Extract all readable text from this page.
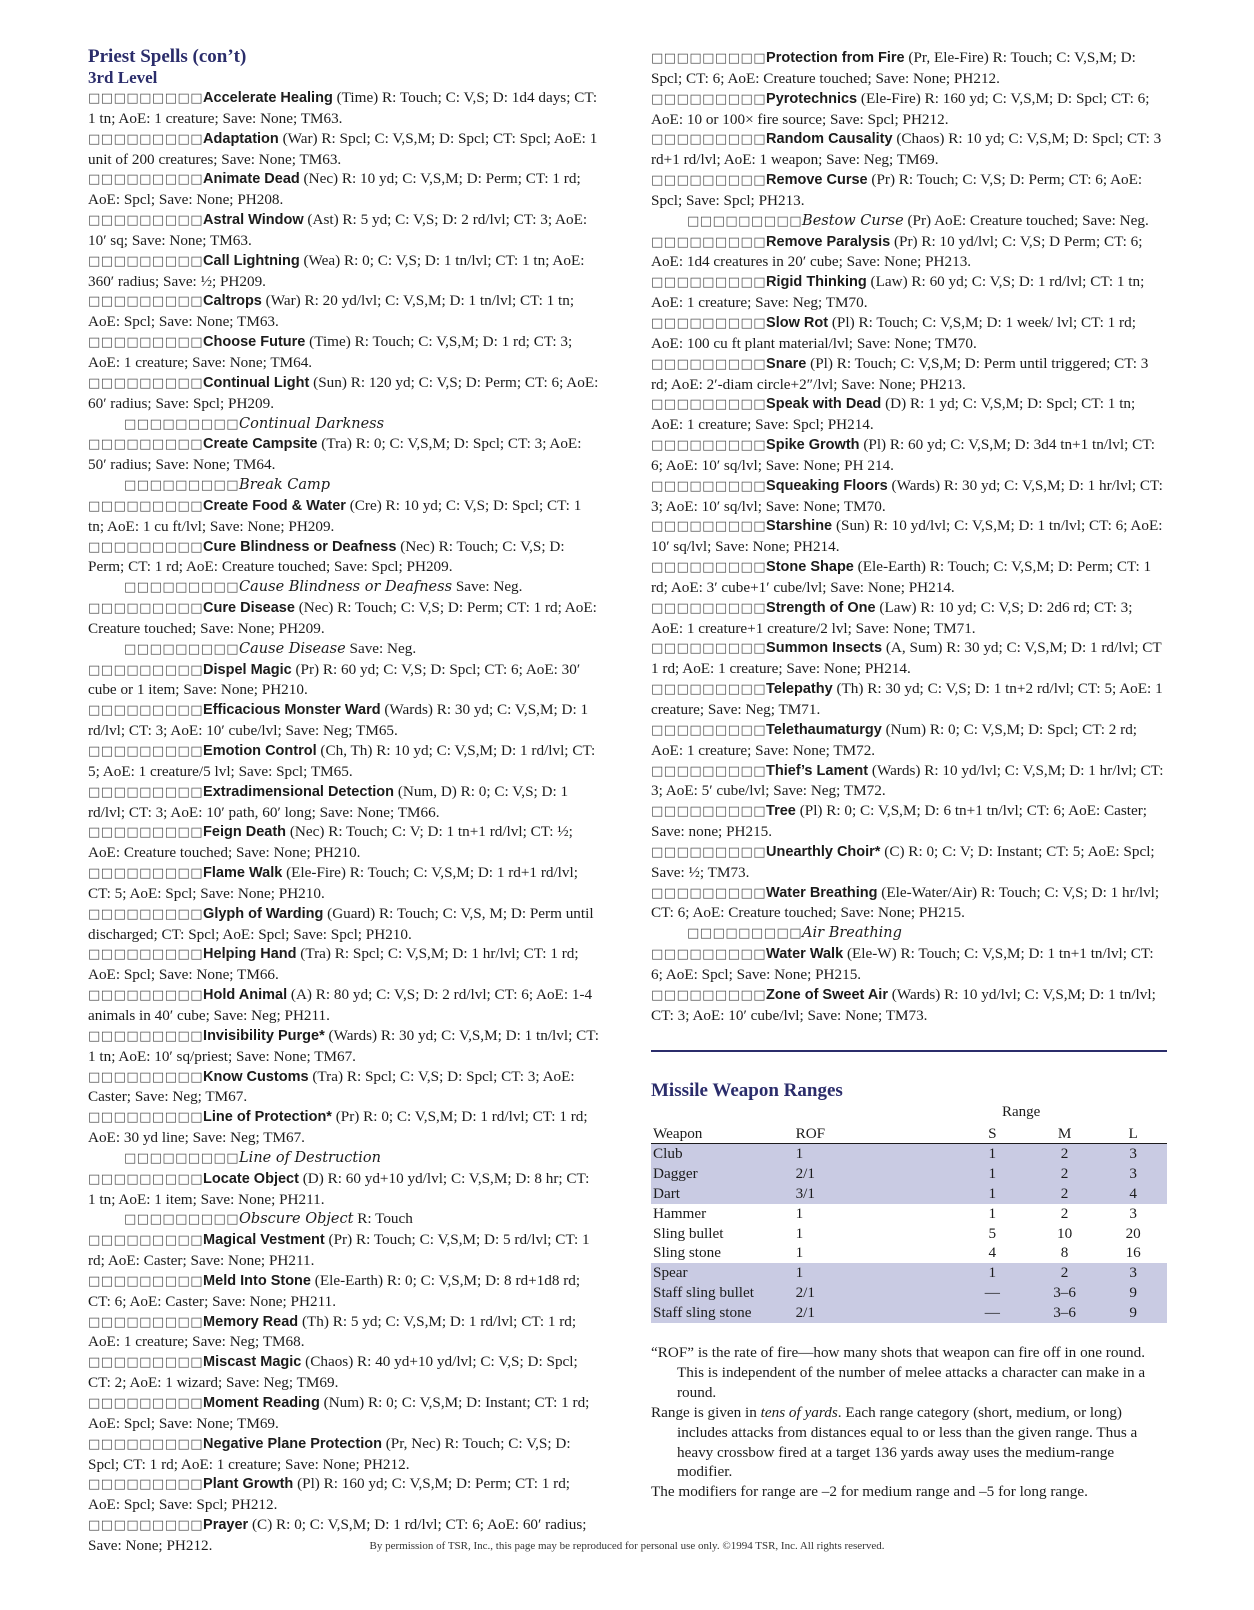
Priest Spells (con’t)
3rd Level

□□□□□□□□□Accelerate Healing (Time) R: Touch; C: V,S; D: 1d4 days; CT: 1 tn; AoE: 1 creature; Save: None; TM63.

□□□□□□□□□Adaptation (War) R: Spcl; C: V,S,M; D: Spcl; CT: Spcl; AoE: 1 unit of 200 creatures; Save: None; TM63.

□□□□□□□□□Animate Dead (Nec) R: 10 yd; C: V,S,M; D: Perm; CT: 1 rd; AoE: Spcl; Save: None; PH208.

□□□□□□□□□Astral Window (Ast) R: 5 yd; C: V,S; D: 2 rd/lvl; CT: 3; AoE: 10′ sq; Save: None; TM63.

□□□□□□□□□Call Lightning (Wea) R: 0; C: V,S; D: 1 tn/lvl; CT: 1 tn; AoE: 360′ radius; Save: ½; PH209.

□□□□□□□□□Caltrops (War) R: 20 yd/lvl; C: V,S,M; D: 1 tn/lvl; CT: 1 tn; AoE: Spcl; Save: None; TM63.

□□□□□□□□□Choose Future (Time) R: Touch; C: V,S,M; D: 1 rd; CT: 3; AoE: 1 creature; Save: None; TM64.

□□□□□□□□□Continual Light (Sun) R: 120 yd; C: V,S; D: Perm; CT: 6; AoE: 60′ radius; Save: Spcl; PH209.

□□□□□□□□□Continual Darkness

□□□□□□□□□Create Campsite (Tra) R: 0; C: V,S,M; D: Spcl; CT: 3; AoE: 50′ radius; Save: None; TM64.

□□□□□□□□□Break Camp

□□□□□□□□□Create Food & Water (Cre) R: 10 yd; C: V,S; D: Spcl; CT: 1 tn; AoE: 1 cu ft/lvl; Save: None; PH209.

□□□□□□□□□Cure Blindness or Deafness (Nec) R: Touch; C: V,S; D: Perm; CT: 1 rd; AoE: Creature touched; Save: Spcl; PH209.

□□□□□□□□□Cause Blindness or Deafness Save: Neg.

□□□□□□□□□Cure Disease (Nec) R: Touch; C: V,S; D: Perm; CT: 1 rd; AoE: Creature touched; Save: None; PH209.

□□□□□□□□□Cause Disease Save: Neg.

□□□□□□□□□Dispel Magic (Pr) R: 60 yd; C: V,S; D: Spcl; CT: 6; AoE: 30′ cube or 1 item; Save: None; PH210.

□□□□□□□□□Efficacious Monster Ward (Wards) R: 30 yd; C: V,S,M; D: 1 rd/lvl; CT: 3; AoE: 10′ cube/lvl; Save: Neg; TM65.

□□□□□□□□□Emotion Control (Ch, Th) R: 10 yd; C: V,S,M; D: 1 rd/lvl; CT: 5; AoE: 1 creature/5 lvl; Save: Spcl; TM65.

□□□□□□□□□Extradimensional Detection (Num, D) R: 0; C: V,S; D: 1 rd/lvl; CT: 3; AoE: 10′ path, 60′ long; Save: None; TM66.

□□□□□□□□□Feign Death (Nec) R: Touch; C: V; D: 1 tn+1 rd/lvl; CT: ½; AoE: Creature touched; Save: None; PH210.

□□□□□□□□□Flame Walk (Ele-Fire) R: Touch; C: V,S,M; D: 1 rd+1 rd/lvl; CT: 5; AoE: Spcl; Save: None; PH210.

□□□□□□□□□Glyph of Warding (Guard) R: Touch; C: V,S, M; D: Perm until discharged; CT: Spcl; AoE: Spcl; Save: Spcl; PH210.

□□□□□□□□□Helping Hand (Tra) R: Spcl; C: V,S,M; D: 1 hr/lvl; CT: 1 rd; AoE: Spcl; Save: None; TM66.

□□□□□□□□□Hold Animal (A) R: 80 yd; C: V,S; D: 2 rd/lvl; CT: 6; AoE: 1-4 animals in 40′ cube; Save: Neg; PH211.

□□□□□□□□□Invisibility Purge* (Wards) R: 30 yd; C: V,S,M; D: 1 tn/lvl; CT: 1 tn; AoE: 10′ sq/priest; Save: None; TM67.

□□□□□□□□□Know Customs (Tra) R: Spcl; C: V,S; D: Spcl; CT: 3; AoE: Caster; Save: Neg; TM67.

□□□□□□□□□Line of Protection* (Pr) R: 0; C: V,S,M; D: 1 rd/lvl; CT: 1 rd; AoE: 30 yd line; Save: Neg; TM67.

□□□□□□□□□Line of Destruction

□□□□□□□□□Locate Object (D) R: 60 yd+10 yd/lvl; C: V,S,M; D: 8 hr; CT: 1 tn; AoE: 1 item; Save: None; PH211.

□□□□□□□□□Obscure Object R: Touch

□□□□□□□□□Magical Vestment (Pr) R: Touch; C: V,S,M; D: 5 rd/lvl; CT: 1 rd; AoE: Caster; Save: None; PH211.

□□□□□□□□□Meld Into Stone (Ele-Earth) R: 0; C: V,S,M; D: 8 rd+1d8 rd; CT: 6; AoE: Caster; Save: None; PH211.

□□□□□□□□□Memory Read (Th) R: 5 yd; C: V,S,M; D: 1 rd/lvl; CT: 1 rd; AoE: 1 creature; Save: Neg; TM68.

□□□□□□□□□Miscast Magic (Chaos) R: 40 yd+10 yd/lvl; C: V,S; D: Spcl; CT: 2; AoE: 1 wizard; Save: Neg; TM69.

□□□□□□□□□Moment Reading (Num) R: 0; C: V,S,M; D: Instant; CT: 1 rd; AoE: Spcl; Save: None; TM69.

□□□□□□□□□Negative Plane Protection (Pr, Nec) R: Touch; C: V,S; D: Spcl; CT: 1 rd; AoE: 1 creature; Save: None; PH212.

□□□□□□□□□Plant Growth (Pl) R: 160 yd; C: V,S,M; D: Perm; CT: 1 rd; AoE: Spcl; Save: Spcl; PH212.

□□□□□□□□□Prayer (C) R: 0; C: V,S,M; D: 1 rd/lvl; CT: 6; AoE: 60′ radius; Save: None; PH212.

□□□□□□□□□Protection from Fire (Pr, Ele-Fire) R: Touch; C: V,S,M; D: Spcl; CT: 6; AoE: Creature touched; Save: None; PH212.

□□□□□□□□□Pyrotechnics (Ele-Fire) R: 160 yd; C: V,S,M; D: Spcl; CT: 6; AoE: 10 or 100× fire source; Save: Spcl; PH212.

□□□□□□□□□Random Causality (Chaos) R: 10 yd; C: V,S,M; D: Spcl; CT: 3 rd+1 rd/lvl; AoE: 1 weapon; Save: Neg; TM69.

□□□□□□□□□Remove Curse (Pr) R: Touch; C: V,S; D: Perm; CT: 6; AoE: Spcl; Save: Spcl; PH213.

□□□□□□□□□Bestow Curse (Pr) AoE: Creature touched; Save: Neg.

□□□□□□□□□Remove Paralysis (Pr) R: 10 yd/lvl; C: V,S; D Perm; CT: 6; AoE: 1d4 creatures in 20′ cube; Save: None; PH213.

□□□□□□□□□Rigid Thinking (Law) R: 60 yd; C: V,S; D: 1 rd/lvl; CT: 1 tn; AoE: 1 creature; Save: Neg; TM70.

□□□□□□□□□Slow Rot (Pl) R: Touch; C: V,S,M; D: 1 week/ lvl; CT: 1 rd; AoE: 100 cu ft plant material/lvl; Save: None; TM70.

□□□□□□□□□Snare (Pl) R: Touch; C: V,S,M; D: Perm until triggered; CT: 3 rd; AoE: 2′-diam circle+2″/lvl; Save: None; PH213.

□□□□□□□□□Speak with Dead (D) R: 1 yd; C: V,S,M; D: Spcl; CT: 1 tn; AoE: 1 creature; Save: Spcl; PH214.

□□□□□□□□□Spike Growth (Pl) R: 60 yd; C: V,S,M; D: 3d4 tn+1 tn/lvl; CT: 6; AoE: 10′ sq/lvl; Save: None; PH 214.

□□□□□□□□□Squeaking Floors (Wards) R: 30 yd; C: V,S,M; D: 1 hr/lvl; CT: 3; AoE: 10′ sq/lvl; Save: None; TM70.

□□□□□□□□□Starshine (Sun) R: 10 yd/lvl; C: V,S,M; D: 1 tn/lvl; CT: 6; AoE: 10′ sq/lvl; Save: None; PH214.

□□□□□□□□□Stone Shape (Ele-Earth) R: Touch; C: V,S,M; D: Perm; CT: 1 rd; AoE: 3′ cube+1′ cube/lvl; Save: None; PH214.

□□□□□□□□□Strength of One (Law) R: 10 yd; C: V,S; D: 2d6 rd; CT: 3; AoE: 1 creature+1 creature/2 lvl; Save: None; TM71.

□□□□□□□□□Summon Insects (A, Sum) R: 30 yd; C: V,S,M; D: 1 rd/lvl; CT 1 rd; AoE: 1 creature; Save: None; PH214.

□□□□□□□□□Telepathy (Th) R: 30 yd; C: V,S; D: 1 tn+2 rd/lvl; CT: 5; AoE: 1 creature; Save: Neg; TM71.

□□□□□□□□□Telethaumaturgy (Num) R: 0; C: V,S,M; D: Spcl; CT: 2 rd; AoE: 1 creature; Save: None; TM72.

□□□□□□□□□Thief’s Lament (Wards) R: 10 yd/lvl; C: V,S,M; D: 1 hr/lvl; CT: 3; AoE: 5′ cube/lvl; Save: Neg; TM72.

□□□□□□□□□Tree (Pl) R: 0; C: V,S,M; D: 6 tn+1 tn/lvl; CT: 6; AoE: Caster; Save: none; PH215.

□□□□□□□□□Unearthly Choir* (C) R: 0; C: V; D: Instant; CT: 5; AoE: Spcl; Save: ½; TM73.

□□□□□□□□□Water Breathing (Ele-Water/Air) R: Touch; C: V,S; D: 1 hr/lvl; CT: 6; AoE: Creature touched; Save: None; PH215.

□□□□□□□□□Air Breathing

□□□□□□□□□Water Walk (Ele-W) R: Touch; C: V,S,M; D: 1 tn+1 tn/lvl; CT: 6; AoE: Spcl; Save: None; PH215.

□□□□□□□□□Zone of Sweet Air (Wards) R: 10 yd/lvl; C: V,S,M; D: 1 tn/lvl; CT: 3; AoE: 10′ cube/lvl; Save: None; TM73.

Missile Weapon Ranges
Range
Weapon	ROF	S	M	L
Club	1	1	2	3
Dagger	2/1	1	2	3
Dart	3/1	1	2	4
Hammer	1	1	2	3
Sling bullet	1	5	10	20
Sling stone	1	4	8	16
Spear	1	1	2	3
Staff sling bullet	2/1	—	3–6	9
Staff sling stone	2/1	—	3–6	9

“ROF” is the rate of fire—how many shots that weapon can fire off in one round. This is independent of the number of melee attacks a character can make in a round.

Range is given in tens of yards. Each range category (short, medium, or long) includes attacks from distances equal to or less than the given range. Thus a heavy crossbow fired at a target 136 yards away uses the medium-range modifier.

The modifiers for range are –2 for medium range and –5 for long range.

By permission of TSR, Inc., this page may be reproduced for personal use only. ©1994 TSR, Inc. All rights reserved.
